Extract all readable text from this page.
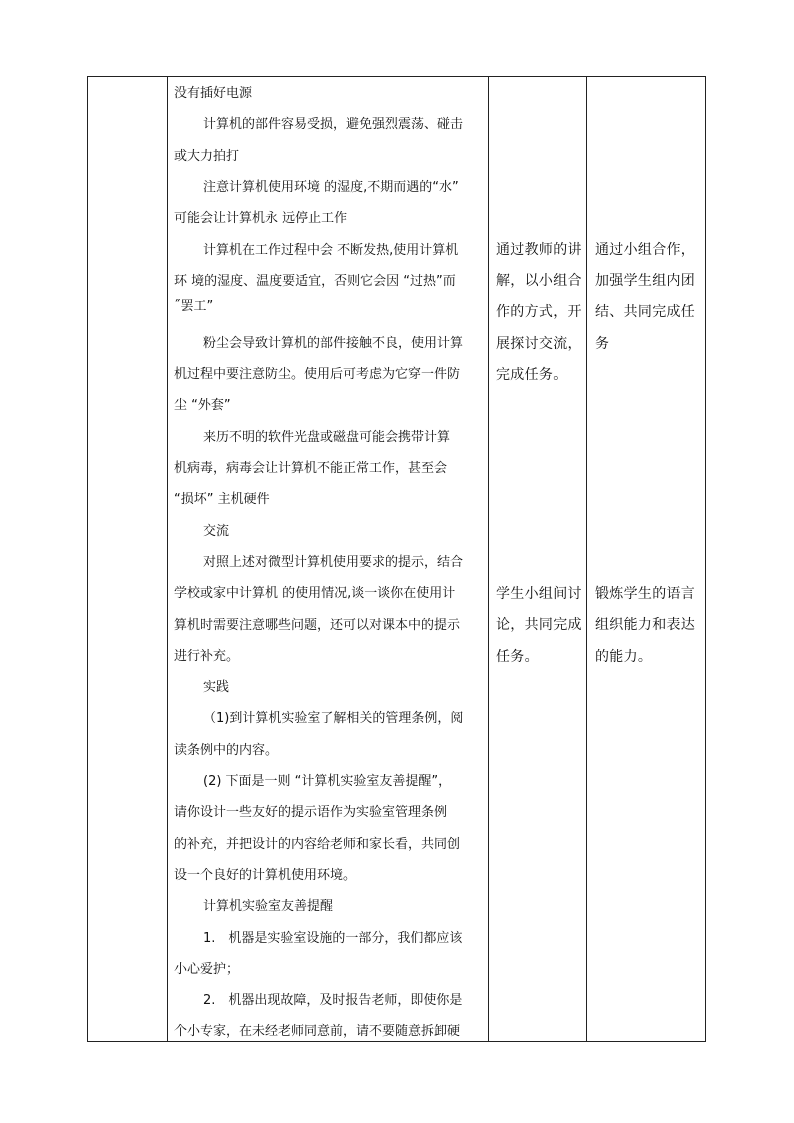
没有插好电源
计算机的部件容易受损，避免强烈震荡、碰击
或大力拍打
注意计算机使用环境 的湿度,不期而遇的“水”
可能会让计算机永 远停止工作
计算机在工作过程中会 不断发热,使用计算机
环 境的湿度、温度要适宜，否则它会因 “过热”而
˝罢工”
粉尘会导致计算机的部件接触不良，使用计算
机过程中要注意防尘。使用后可考虑为它穿一件防
尘 “外套”
来历不明的软件光盘或磁盘可能会携带计算
机病毒，病毒会让计算机不能正常工作，甚至会
“损坏” 主机硬件
交流
对照上述对微型计算机使用要求的提示，结合
学校或家中计算机 的使用情况,谈一谈你在使用计
算机时需要注意哪些问题，还可以对课本中的提示
进行补充。
实践
（1)到计算机实验室了解相关的管理条例，阅
读条例中的内容。
(2) 下面是一则 “计算机实验室友善提醒”，
请你设计一些友好的提示语作为实验室管理条例
的补充，并把设计的内容给老师和家长看，共同创
设一个良好的计算机使用环境。
计算机实验室友善提醒
1.　机器是实验室设施的一部分，我们都应该
小心爱护；
2.　机器出现故障，及时报告老师，即使你是
个小专家，在未经老师同意前，请不要随意拆卸硬
通过教师的讲
解，以小组合
作的方式，开
展探讨交流，
完成任务。
学生小组间讨
论，共同完成
任务。
通过小组合作，
加强学生组内团
结、共同完成任
务
锻炼学生的语言
组织能力和表达
的能力。
